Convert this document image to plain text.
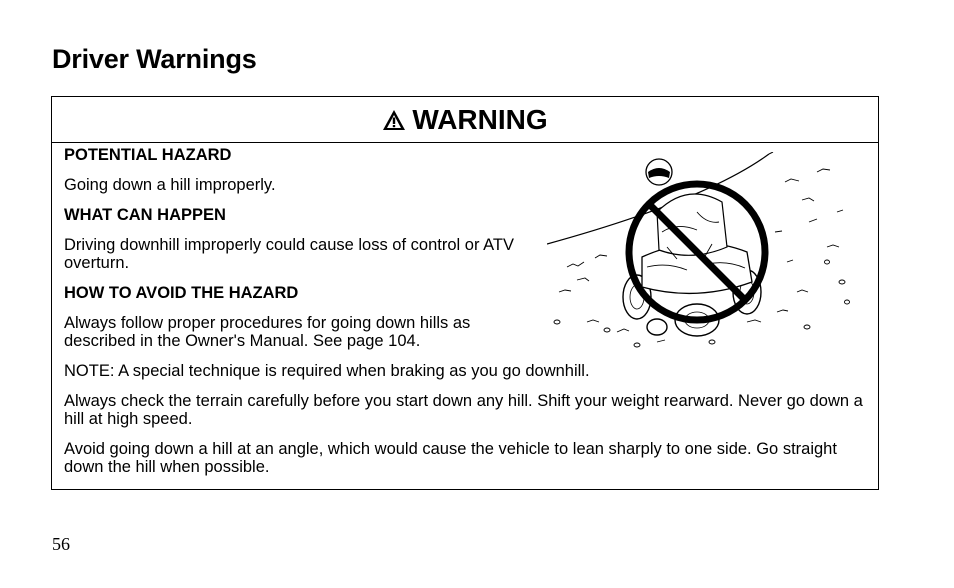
Driver Warnings
WARNING

POTENTIAL HAZARD

Going down a hill improperly.

WHAT CAN HAPPEN

Driving downhill improperly could cause loss of control or ATV overturn.

HOW TO AVOID THE HAZARD

Always follow proper procedures for going down hills as described in the Owner's Manual. See page 104.

NOTE: A special technique is required when braking as you go downhill.

Always check the terrain carefully before you start down any hill. Shift your weight rearward. Never go down a hill at high speed.

Avoid going down a hill at an angle, which would cause the vehicle to lean sharply to one side. Go straight down the hill when possible.

56
